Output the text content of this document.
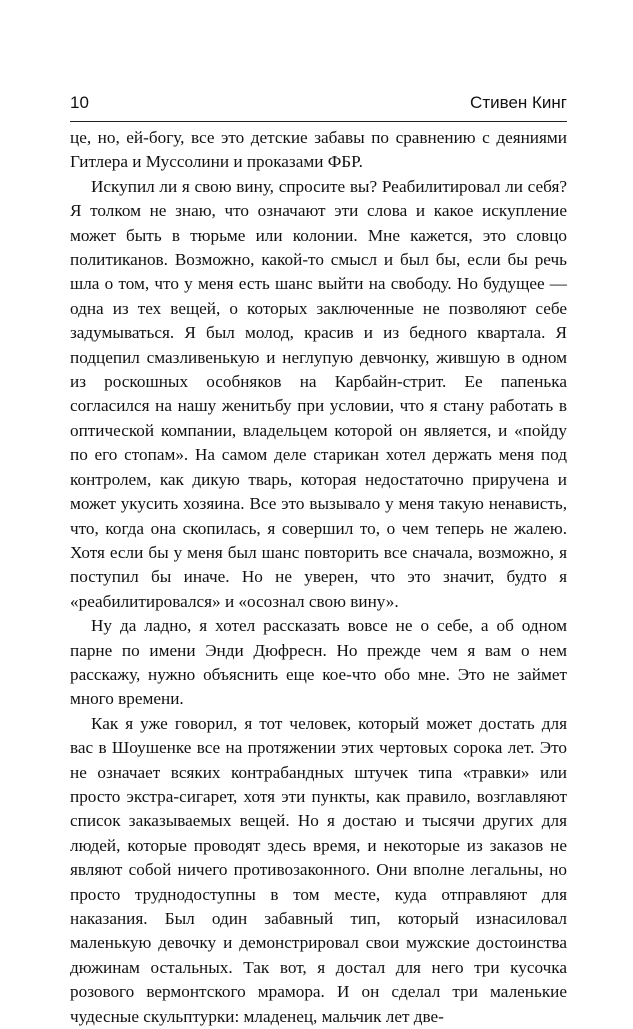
10	Стивен Кинг

це, но, ей-богу, все это детские забавы по сравнению с деяниями Гитлера и Муссолини и проказами ФБР.

Искупил ли я свою вину, спросите вы? Реабилитировал ли себя? Я толком не знаю, что означают эти слова и какое искупление может быть в тюрьме или колонии. Мне кажется, это словцо политиканов. Возможно, какой-то смысл и был бы, если бы речь шла о том, что у меня есть шанс выйти на свободу. Но будущее — одна из тех вещей, о которых заключенные не позволяют себе задумываться. Я был молод, красив и из бедного квартала. Я подцепил смазливенькую и неглупую девчонку, жившую в одном из роскошных особняков на Карбайн-стрит. Ее папенька согласился на нашу женитьбу при условии, что я стану работать в оптической компании, владельцем которой он является, и «пойду по его стопам». На самом деле старикан хотел держать меня под контролем, как дикую тварь, которая недостаточно приручена и может укусить хозяина. Все это вызывало у меня такую ненависть, что, когда она скопилась, я совершил то, о чем теперь не жалею. Хотя если бы у меня был шанс повторить все сначала, возможно, я поступил бы иначе. Но не уверен, что это значит, будто я «реабилитировался» и «осознал свою вину».

Ну да ладно, я хотел рассказать вовсе не о себе, а об одном парне по имени Энди Дюфресн. Но прежде чем я вам о нем расскажу, нужно объяснить еще кое-что обо мне. Это не займет много времени.

Как я уже говорил, я тот человек, который может достать для вас в Шоушенке все на протяжении этих чертовых сорока лет. Это не означает всяких контрабандных штучек типа «травки» или просто экстра-сигарет, хотя эти пункты, как правило, возглавляют список заказываемых вещей. Но я достаю и тысячи других для людей, которые проводят здесь время, и некоторые из заказов не являют собой ничего противозаконного. Они вполне легальны, но просто труднодоступны в том месте, куда отправляют для наказания. Был один забавный тип, который изнасиловал маленькую девочку и демонстрировал свои мужские достоинства дюжинам остальных. Так вот, я достал для него три кусочка розового вермонтского мрамора. И он сделал три маленькие чудесные скульптурки: младенец, мальчик лет две-
